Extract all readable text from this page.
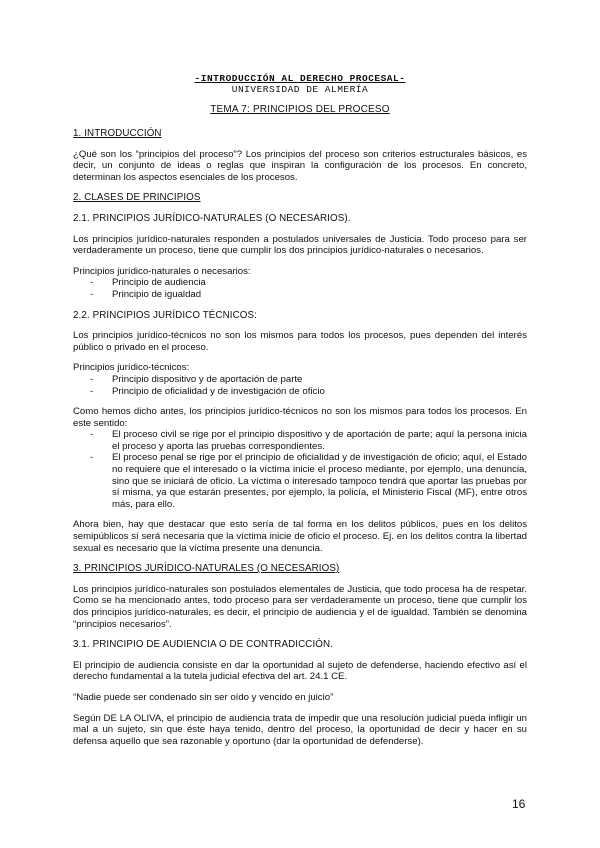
-INTRODUCCIÓN AL DERECHO PROCESAL-
UNIVERSIDAD DE ALMERÍA
TEMA 7: PRINCIPIOS DEL PROCESO
1. INTRODUCCIÓN

¿Qué son los “principios del proceso”? Los principios del proceso son criterios estructurales básicos, es decir, un conjunto de ideas o reglas que inspiran la configuración de los procesos. En concreto, determinan los aspectos esenciales de los procesos.

2. CLASES DE PRINCIPIOS
2.1. PRINCIPIOS JURÍDICO-NATURALES (O NECESARIOS).

Los principios jurídico-naturales responden a postulados universales de Justicia. Todo proceso para ser verdaderamente un proceso, tiene que cumplir los dos principios jurídico-naturales o necesarios.

Principios jurídico-naturales o necesarios:
- Principio de audiencia
- Principio de igualdad
2.2. PRINCIPIOS JURÍDICO TÉCNICOS:

Los principios jurídico-técnicos no son los mismos para todos los procesos, pues dependen del interés público o privado en el proceso.

Principios jurídico-técnicos:
- Principio dispositivo y de aportación de parte
- Principio de oficialidad y de investigación de oficio

Como hemos dicho antes, los principios jurídico-técnicos no son los mismos para todos los procesos. En este sentido:

- El proceso civil se rige por el principio dispositivo y de aportación de parte; aquí la persona inicia el proceso y aporta las pruebas correspondientes.
- El proceso penal se rige por el principio de oficialidad y de investigación de oficio; aquí, el Estado no requiere que el interesado o la víctima inicie el proceso mediante, por ejemplo, una denuncia, sino que se iniciará de oficio. La víctima o interesado tampoco tendrá que aportar las pruebas por sí misma, ya que estarán presentes, por ejemplo, la policía, el Ministerio Fiscal (MF), entre otros más, para ello.

Ahora bien, hay que destacar que esto sería de tal forma en los delitos públicos, pues en los delitos semipúblicos sí será necesaria que la víctima inicie de oficio el proceso. Ej. en los delitos contra la libertad sexual es necesario que la víctima presente una denuncia.

3. PRINCIPIOS JURÍDICO-NATURALES (O NECESARIOS)

Los principios jurídico-naturales son postulados elementales de Justicia, que todo procesa ha de respetar. Como se ha mencionado antes, todo proceso para ser verdaderamente un proceso, tiene que cumplir los dos principios jurídico-naturales, es decir, el principio de audiencia y el de igualdad. También se denomina “principios necesarios”.

3.1. PRINCIPIO DE AUDIENCIA O DE CONTRADICCIÓN.

El principio de audiencia consiste en dar la oportunidad al sujeto de defenderse, haciendo efectivo así el derecho fundamental a la tutela judicial efectiva del art. 24.1 CE.

“Nadie puede ser condenado sin ser oído y vencido en juicio”

Según DE LA OLIVA, el principio de audiencia trata de impedir que una resolución judicial pueda infligir un mal a un sujeto, sin que éste haya tenido, dentro del proceso, la oportunidad de decir y hacer en su defensa aquello que sea razonable y oportuno (dar la oportunidad de defenderse).

16
